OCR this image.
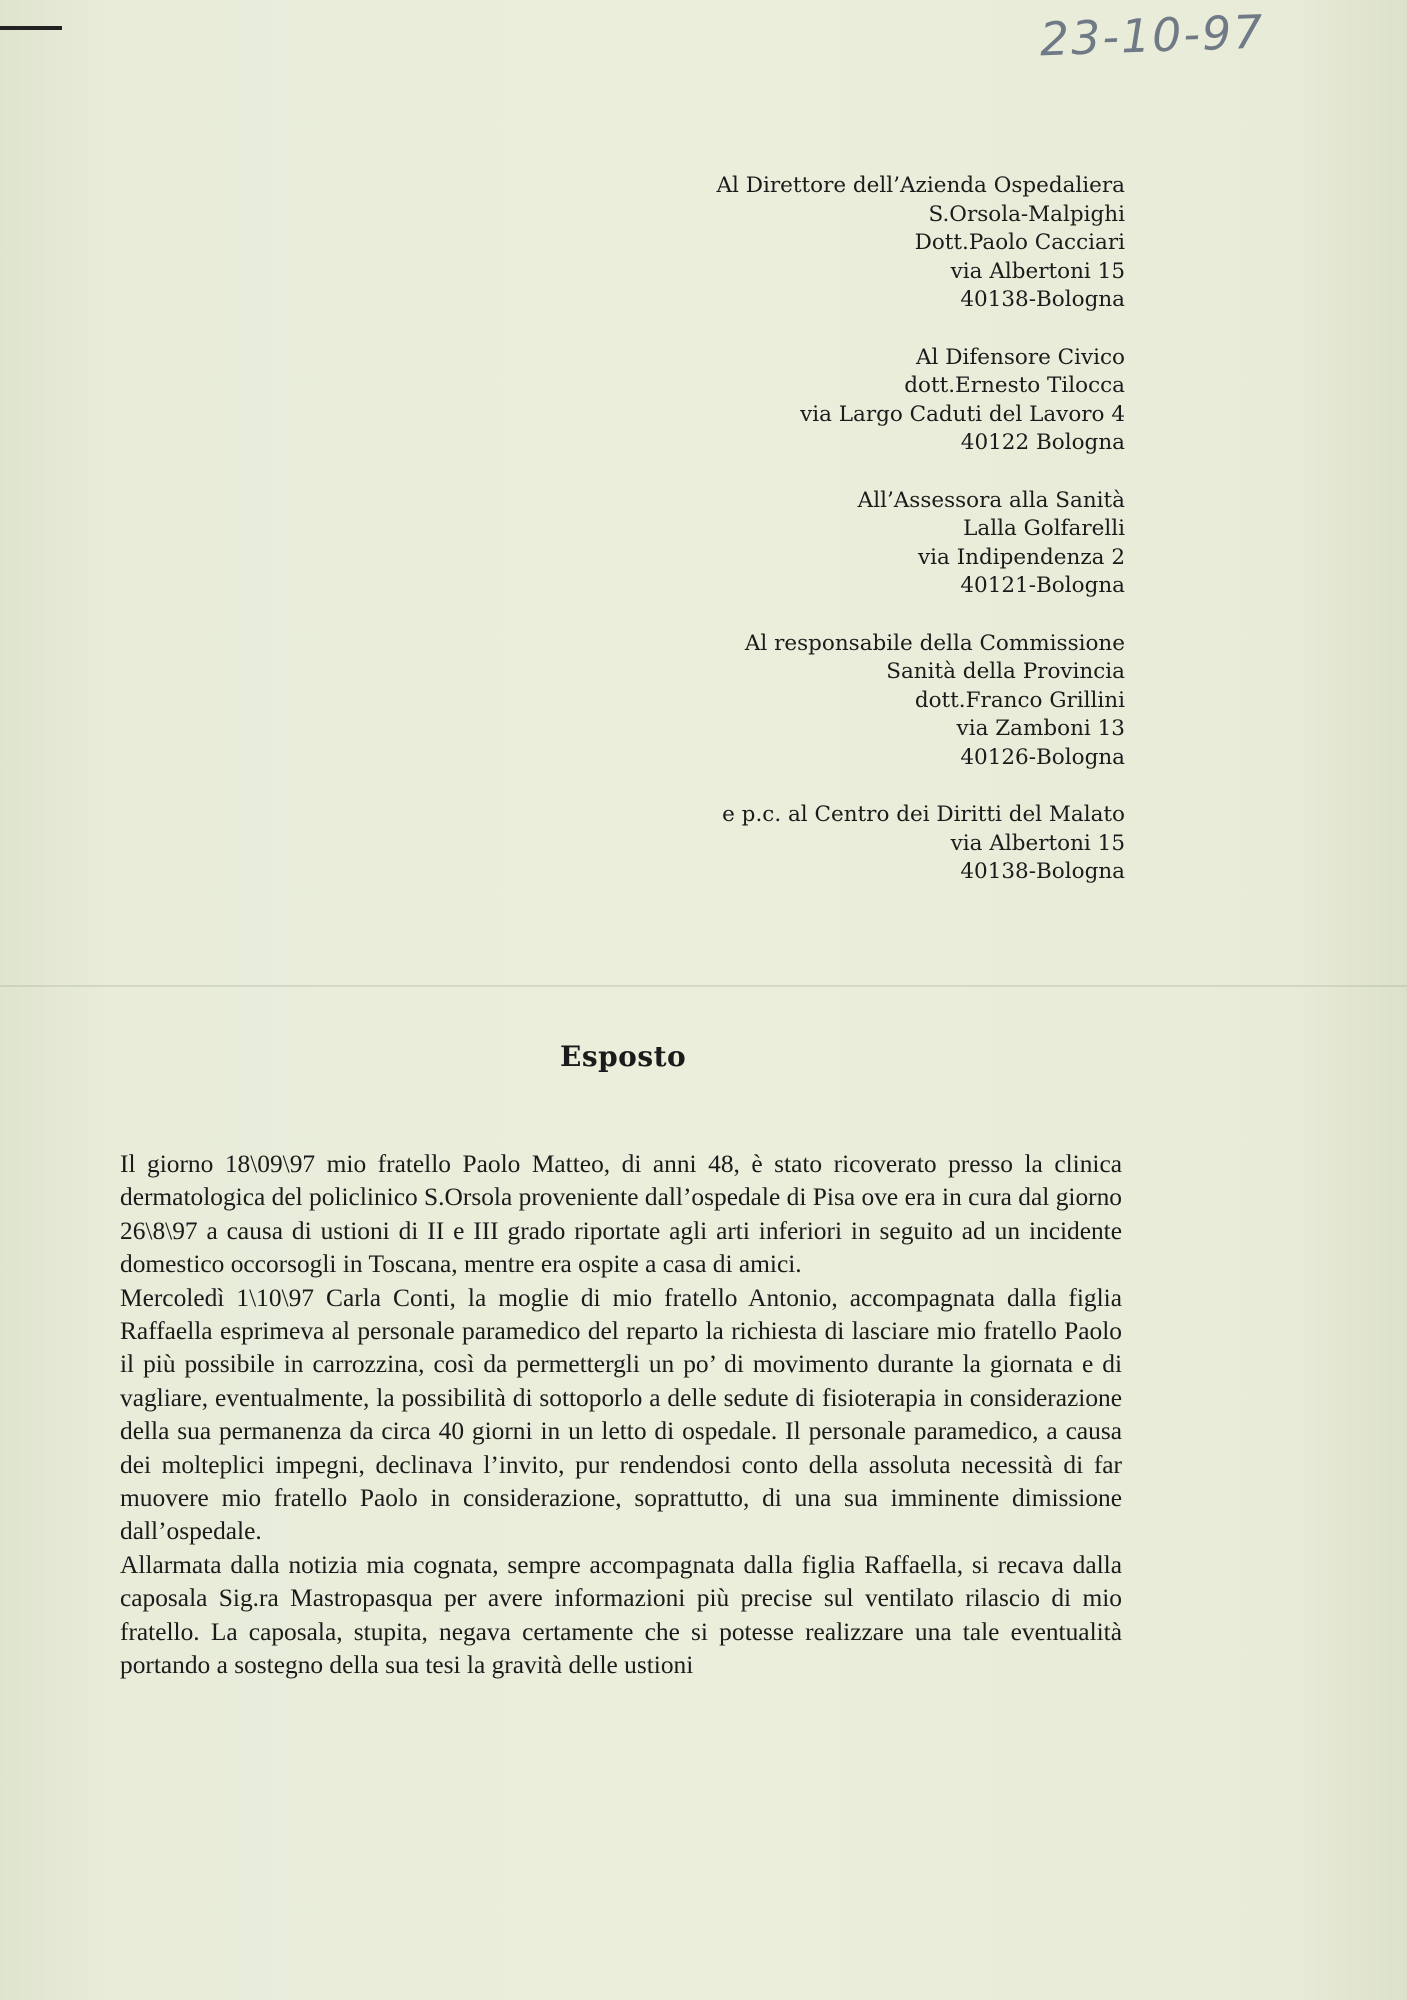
23-10-97
Al Direttore dell’Azienda Ospedaliera
S.Orsola-Malpighi
Dott.Paolo Cacciari
via Albertoni 15
40138-Bologna
Al Difensore Civico
dott.Ernesto Tilocca
via Largo Caduti del Lavoro 4
40122 Bologna
All’Assessora alla Sanità
Lalla Golfarelli
via Indipendenza 2
40121-Bologna
Al responsabile della Commissione
Sanità della Provincia
dott.Franco Grillini
via Zamboni 13
40126-Bologna
e p.c. al Centro dei Diritti del Malato
via Albertoni 15
40138-Bologna
Esposto

Il giorno 18\09\97 mio fratello Paolo Matteo, di anni 48, è stato ricoverato presso la clinica dermatologica del policlinico S.Orsola proveniente dall’ospedale di Pisa ove era in cura dal giorno 26\8\97 a causa di ustioni di II e III grado riportate agli arti inferiori in seguito ad un incidente domestico occorsogli in Toscana, mentre era ospite a casa di amici.

Mercoledì 1\10\97 Carla Conti, la moglie di mio fratello Antonio, accompagnata dalla figlia Raffaella esprimeva al personale paramedico del reparto la richiesta di lasciare mio fratello Paolo il più possibile in carrozzina, così da permettergli un po’ di movimento durante la giornata e di vagliare, eventualmente, la possibilità di sottoporlo a delle sedute di fisioterapia in considerazione della sua permanenza da circa 40 giorni in un letto di ospedale. Il personale paramedico, a causa dei molteplici impegni, declinava l’invito, pur rendendosi conto della assoluta necessità di far muovere mio fratello Paolo in considerazione, soprattutto, di una sua imminente dimissione dall’ospedale.

Allarmata dalla notizia mia cognata, sempre accompagnata dalla figlia Raffaella, si recava dalla caposala Sig.ra Mastropasqua per avere informazioni più precise sul ventilato rilascio di mio fratello. La caposala, stupita, negava certamente che si potesse realizzare una tale eventualità portando a sostegno della sua tesi la gravità delle ustioni
